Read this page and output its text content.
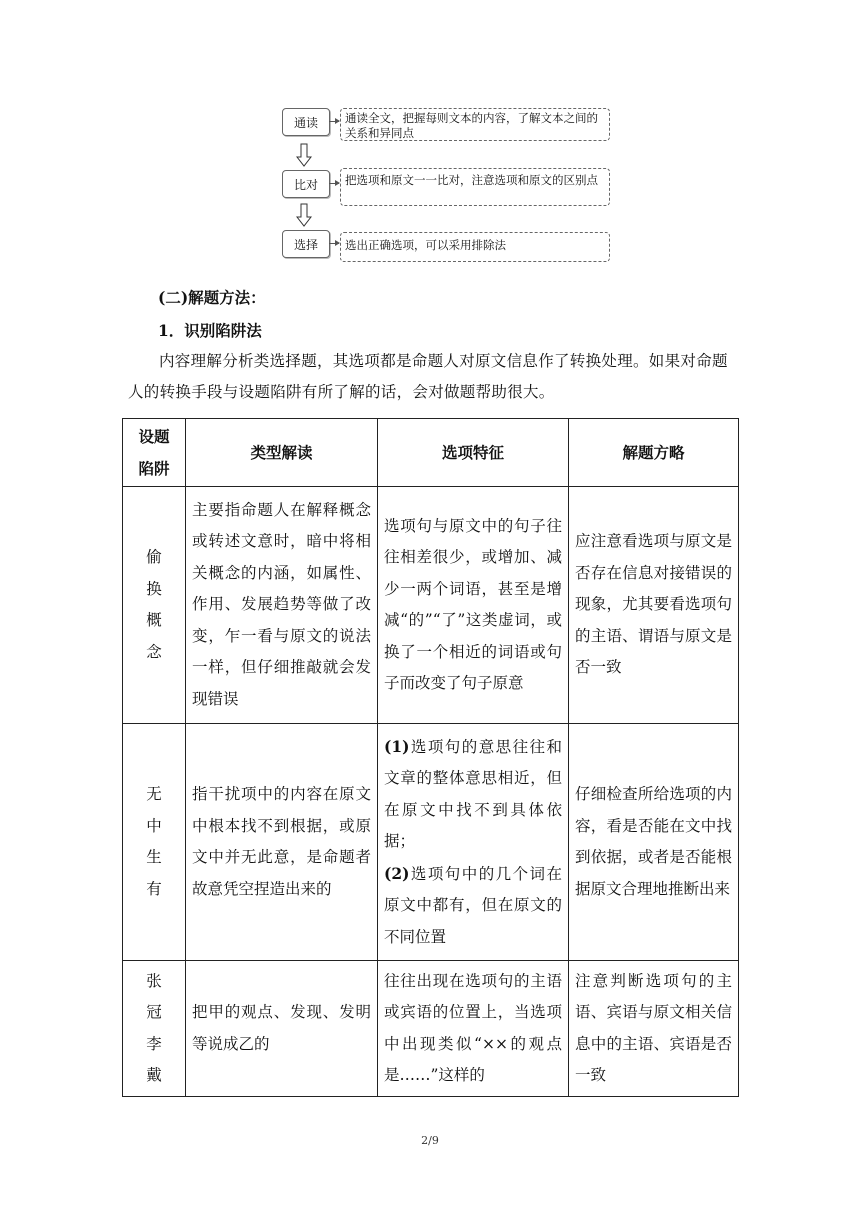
通读	通读全文，把握每则文本的内容，了解文本之间的关系和异同点
比对	把选项和原文一一比对，注意选项和原文的区别点
选择	选出正确选项，可以采用排除法
(二)解题方法：
1．识别陷阱法
内容理解分析类选择题，其选项都是命题人对原文信息作了转换处理。如果对命题人的转换手段与设题陷阱有所了解的话，会对做题帮助很大。
设题陷阱	类型解读	选项特征	解题方略

偷换概念	主要指命题人在解释概念或转述文意时，暗中将相关概念的内涵，如属性、作用、发展趋势等做了改变，乍一看与原文的说法一样，但仔细推敲就会发现错误	选项句与原文中的句子往往相差很少，或增加、减少一两个词语，甚至是增减“的”“了”这类虚词，或换了一个相近的词语或句子而改变了句子原意	应注意看选项与原文是否存在信息对接错误的现象，尤其要看选项句的主语、谓语与原文是否一致

无中生有	指干扰项中的内容在原文中根本找不到根据，或原文中并无此意，是命题者故意凭空捏造出来的	(1)选项句的意思往往和文章的整体意思相近，但在原文中找不到具体依据；
(2)选项句中的几个词在原文中都有，但在原文的不同位置	仔细检查所给选项的内容，看是否能在文中找到依据，或者是否能根据原文合理地推断出来

张冠李戴	把甲的观点、发现、发明等说成乙的	往往出现在选项句的主语或宾语的位置上，当选项中出现类似“××的观点是……”这样的	注意判断选项句的主语、宾语与原文相关信息中的主语、宾语是否一致
2/9
